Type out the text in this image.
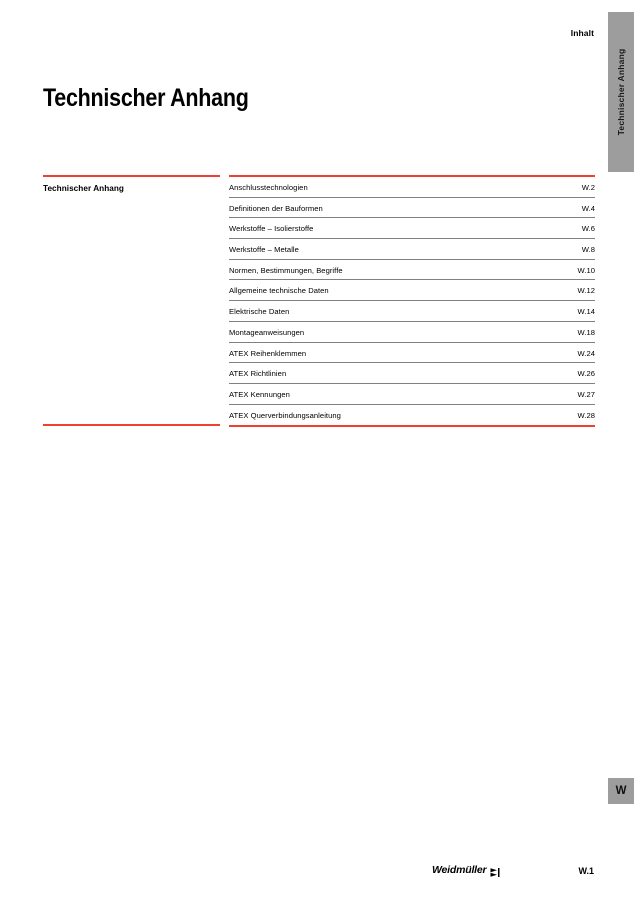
Inhalt
Technischer Anhang
W
Technischer Anhang
Technischer Anhang	Anschlusstechnologien	W.2
Definitionen der Bauformen	W.4
Werkstoffe – Isolierstoffe	W.6
Werkstoffe – Metalle	W.8
Normen, Bestimmungen, Begriffe	W.10
Allgemeine technische Daten	W.12
Elektrische Daten	W.14
Montageanweisungen	W.18
ATEX Reihenklemmen	W.24
ATEX Richtlinien	W.26
ATEX Kennungen	W.27
ATEX Querverbindungsanleitung	W.28
Weidmüller	W.1
